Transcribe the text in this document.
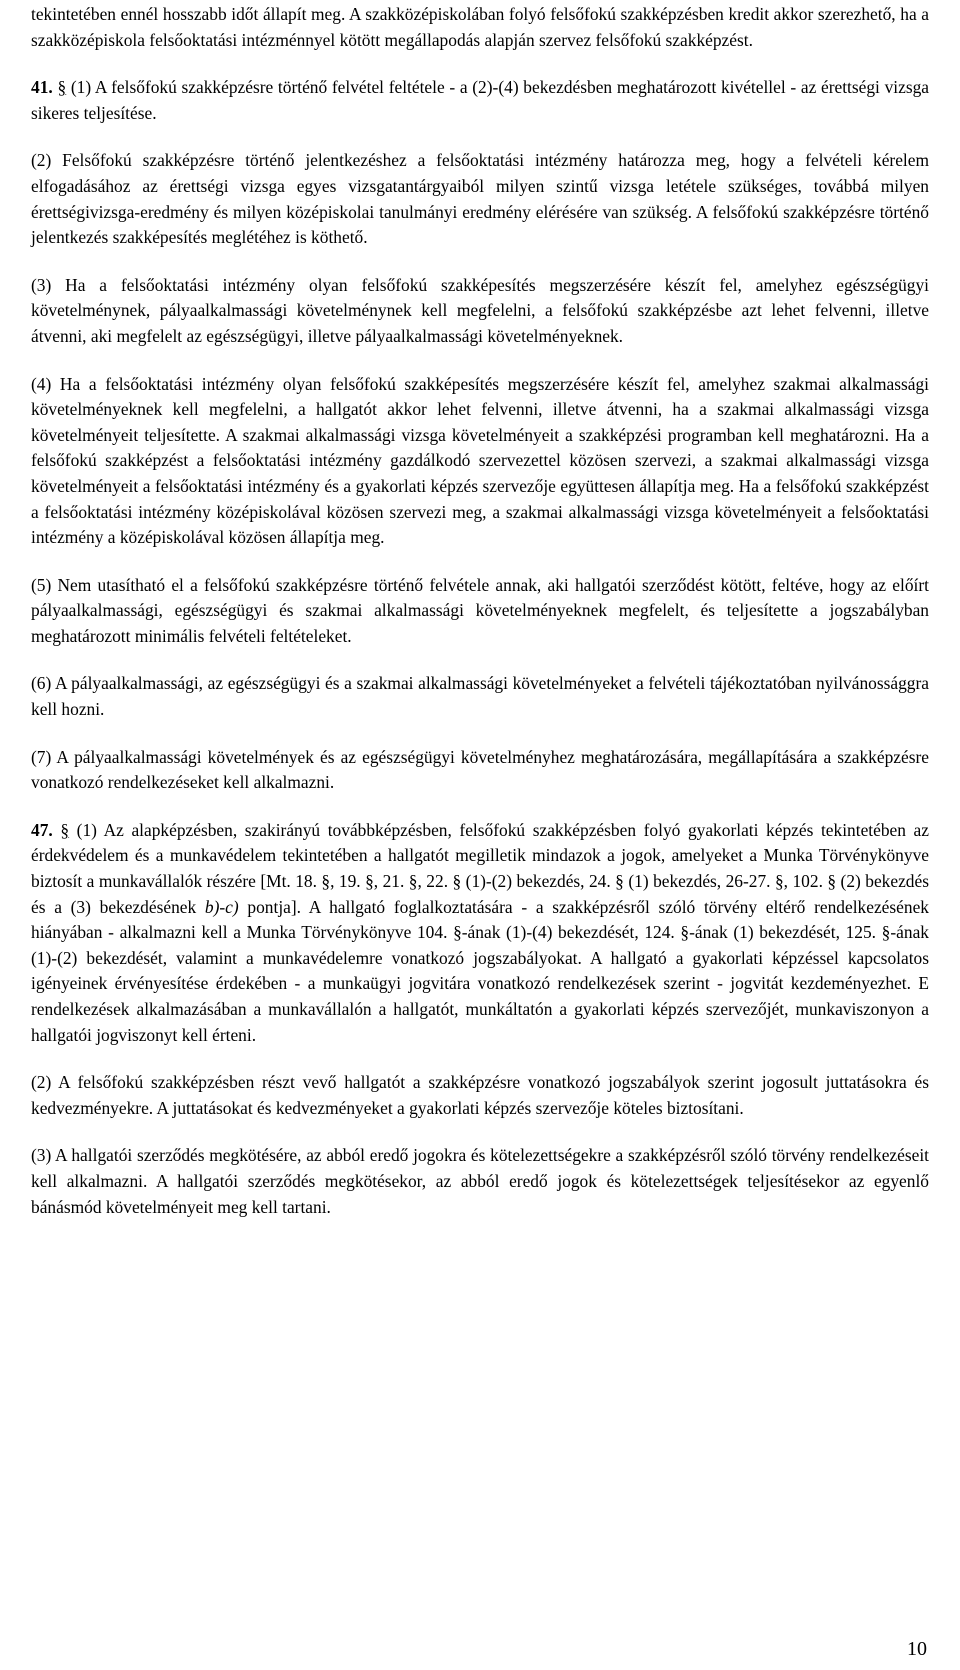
tekintetében ennél hosszabb időt állapít meg. A szakközépiskolában folyó felsőfokú szakképzésben kredit akkor szerezhető, ha a szakközépiskola felsőoktatási intézménnyel kötött megállapodás alapján szervez felsőfokú szakképzést.

41. § (1) A felsőfokú szakképzésre történő felvétel feltétele - a (2)-(4) bekezdésben meghatározott kivétellel - az érettségi vizsga sikeres teljesítése.

(2) Felsőfokú szakképzésre történő jelentkezéshez a felsőoktatási intézmény határozza meg, hogy a felvételi kérelem elfogadásához az érettségi vizsga egyes vizsgatantárgyaiból milyen szintű vizsga letétele szükséges, továbbá milyen érettségivizsga-eredmény és milyen középiskolai tanulmányi eredmény elérésére van szükség. A felsőfokú szakképzésre történő jelentkezés szakképesítés meglétéhez is köthető.

(3) Ha a felsőoktatási intézmény olyan felsőfokú szakképesítés megszerzésére készít fel, amelyhez egészségügyi követelménynek, pályaalkalmassági követelménynek kell megfelelni, a felsőfokú szakképzésbe azt lehet felvenni, illetve átvenni, aki megfelelt az egészségügyi, illetve pályaalkalmassági követelményeknek.

(4) Ha a felsőoktatási intézmény olyan felsőfokú szakképesítés megszerzésére készít fel, amelyhez szakmai alkalmassági követelményeknek kell megfelelni, a hallgatót akkor lehet felvenni, illetve átvenni, ha a szakmai alkalmassági vizsga követelményeit teljesítette. A szakmai alkalmassági vizsga követelményeit a szakképzési programban kell meghatározni. Ha a felsőfokú szakképzést a felsőoktatási intézmény gazdálkodó szervezettel közösen szervezi, a szakmai alkalmassági vizsga követelményeit a felsőoktatási intézmény és a gyakorlati képzés szervezője együttesen állapítja meg. Ha a felsőfokú szakképzést a felsőoktatási intézmény középiskolával közösen szervezi meg, a szakmai alkalmassági vizsga követelményeit a felsőoktatási intézmény a középiskolával közösen állapítja meg.

(5) Nem utasítható el a felsőfokú szakképzésre történő felvétele annak, aki hallgatói szerződést kötött, feltéve, hogy az előírt pályaalkalmassági, egészségügyi és szakmai alkalmassági követelményeknek megfelelt, és teljesítette a jogszabályban meghatározott minimális felvételi feltételeket.

(6) A pályaalkalmassági, az egészségügyi és a szakmai alkalmassági követelményeket a felvételi tájékoztatóban nyilvánossággra kell hozni.

(7) A pályaalkalmassági követelmények és az egészségügyi követelményhez meghatározására, megállapítására a szakképzésre vonatkozó rendelkezéseket kell alkalmazni.

47. § (1) Az alapképzésben, szakirányú továbbképzésben, felsőfokú szakképzésben folyó gyakorlati képzés tekintetében az érdekvédelem és a munkavédelem tekintetében a hallgatót megilletik mindazok a jogok, amelyeket a Munka Törvénykönyve biztosít a munkavállalók részére [Mt. 18. §, 19. §, 21. §, 22. § (1)-(2) bekezdés, 24. § (1) bekezdés, 26-27. §, 102. § (2) bekezdés és a (3) bekezdésének b)-c) pontja]. A hallgató foglalkoztatására - a szakképzésről szóló törvény eltérő rendelkezésének hiányában - alkalmazni kell a Munka Törvénykönyve 104. §-ának (1)-(4) bekezdését, 124. §-ának (1) bekezdését, 125. §-ának (1)-(2) bekezdését, valamint a munkavédelemre vonatkozó jogszabályokat. A hallgató a gyakorlati képzéssel kapcsolatos igényeinek érvényesítése érdekében - a munkaügyi jogvitára vonatkozó rendelkezések szerint - jogvitát kezdeményezhet. E rendelkezések alkalmazásában a munkavállalón a hallgatót, munkáltatón a gyakorlati képzés szervezőjét, munkaviszonyon a hallgatói jogviszonyt kell érteni.

(2) A felsőfokú szakképzésben részt vevő hallgatót a szakképzésre vonatkozó jogszabályok szerint jogosult juttatásokra és kedvezményekre. A juttatásokat és kedvezményeket a gyakorlati képzés szervezője köteles biztosítani.

(3) A hallgatói szerződés megkötésére, az abból eredő jogokra és kötelezettségekre a szakképzésről szóló törvény rendelkezéseit kell alkalmazni. A hallgatói szerződés megkötésekor, az abból eredő jogok és kötelezettségek teljesítésekor az egyenlő bánásmód követelményeit meg kell tartani.

10
